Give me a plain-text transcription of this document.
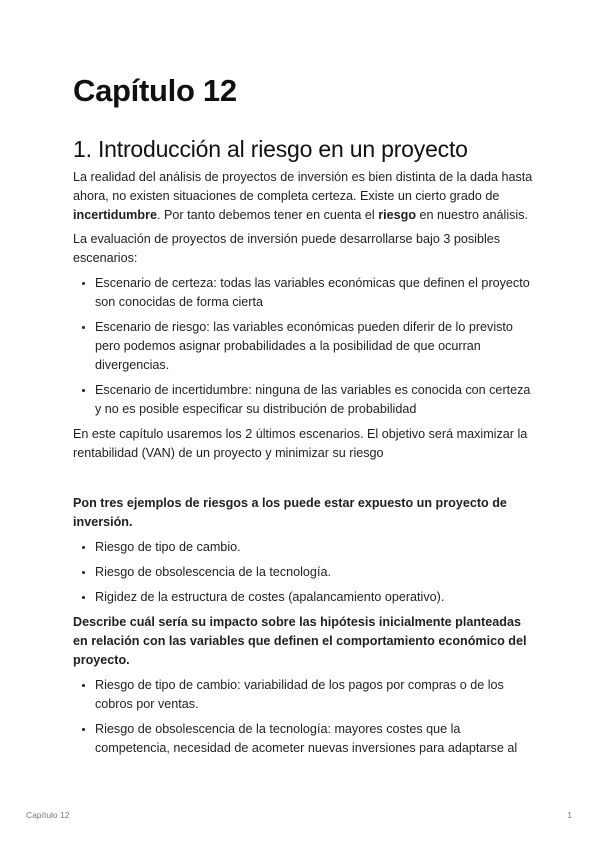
Capítulo 12
1. Introducción al riesgo en un proyecto

La realidad del análisis de proyectos de inversión es bien distinta de la dada hasta ahora, no existen situaciones de completa certeza. Existe un cierto grado de incertidumbre. Por tanto debemos tener en cuenta el riesgo en nuestro análisis.

La evaluación de proyectos de inversión puede desarrollarse bajo 3 posibles escenarios:

• Escenario de certeza: todas las variables económicas que definen el proyecto son conocidas de forma cierta
• Escenario de riesgo: las variables económicas pueden diferir de lo previsto pero podemos asignar probabilidades a la posibilidad de que ocurran divergencias.
• Escenario de incertidumbre: ninguna de las variables es conocida con certeza y no es posible especificar su distribución de probabilidad

En este capítulo usaremos los 2 últimos escenarios. El objetivo será maximizar la rentabilidad (VAN) de un proyecto y minimizar su riesgo

Pon tres ejemplos de riesgos a los puede estar expuesto un proyecto de inversión.

• Riesgo de tipo de cambio.
• Riesgo de obsolescencia de la tecnología.
• Rigidez de la estructura de costes (apalancamiento operativo).

Describe cuál sería su impacto sobre las hipótesis inicialmente planteadas en relación con las variables que definen el comportamiento económico del proyecto.

• Riesgo de tipo de cambio: variabilidad de los pagos por compras o de los cobros por ventas.
• Riesgo de obsolescencia de la tecnología: mayores costes que la competencia, necesidad de acometer nuevas inversiones para adaptarse al
Capítulo 12	1
